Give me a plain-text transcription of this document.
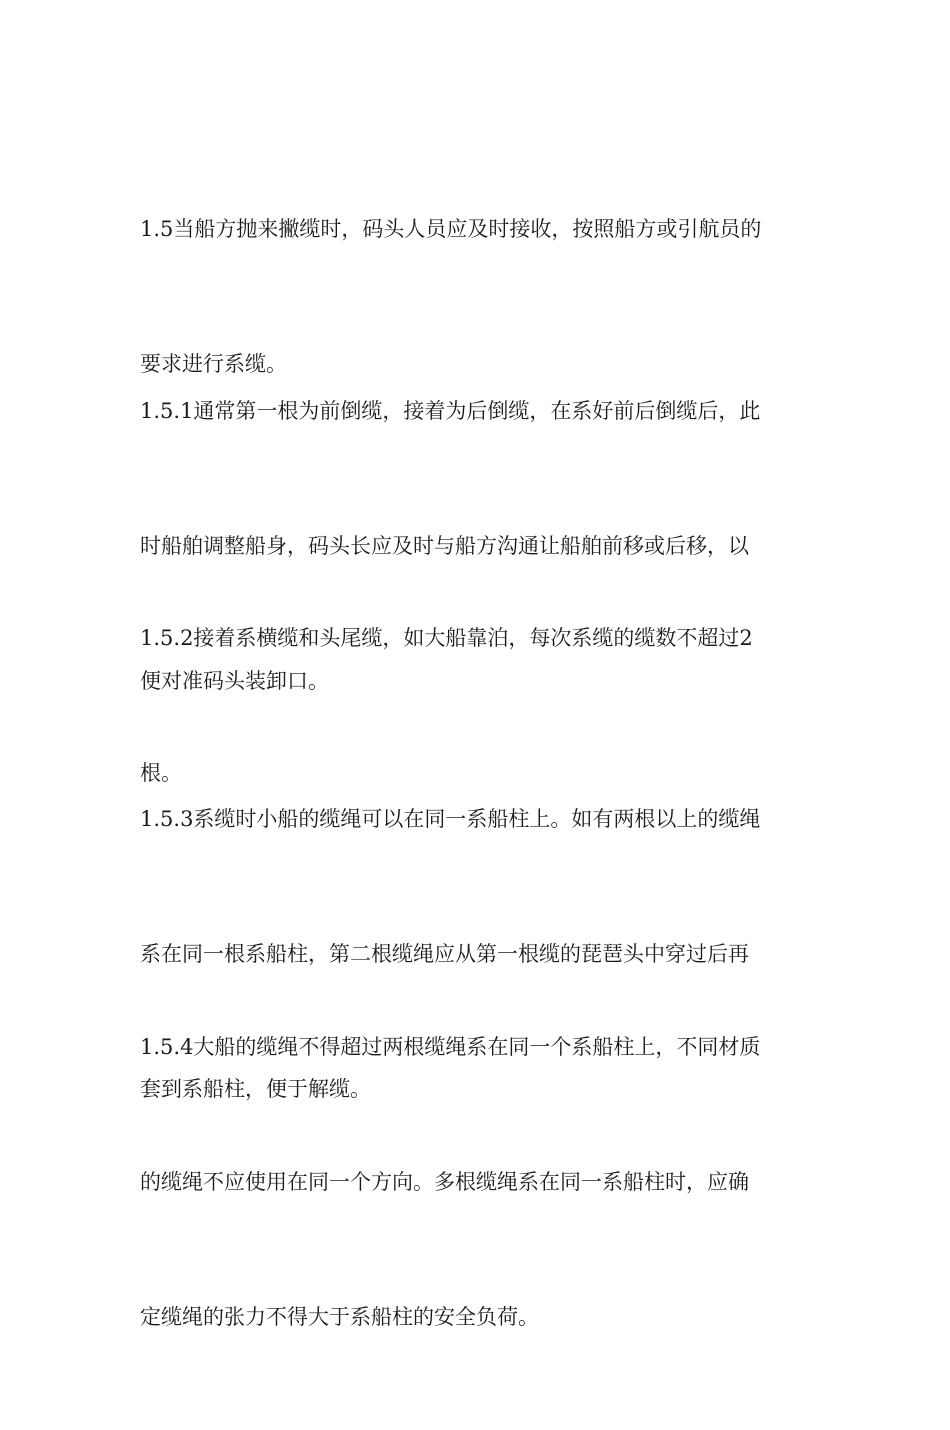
1.5当船方抛来撇缆时，码头人员应及时接收，按照船方或引航员的

要求进行系缆。

1.5.1通常第一根为前倒缆，接着为后倒缆，在系好前后倒缆后，此

时船舶调整船身，码头长应及时与船方沟通让船舶前移或后移，以

便对准码头装卸口。

1.5.2接着系横缆和头尾缆，如大船靠泊，每次系缆的缆数不超过2

根。

1.5.3系缆时小船的缆绳可以在同一系船柱上。如有两根以上的缆绳

系在同一根系船柱，第二根缆绳应从第一根缆的琵琶头中穿过后再

套到系船柱，便于解缆。

1.5.4大船的缆绳不得超过两根缆绳系在同一个系船柱上，不同材质

的缆绳不应使用在同一个方向。多根缆绳系在同一系船柱时，应确

定缆绳的张力不得大于系船柱的安全负荷。
